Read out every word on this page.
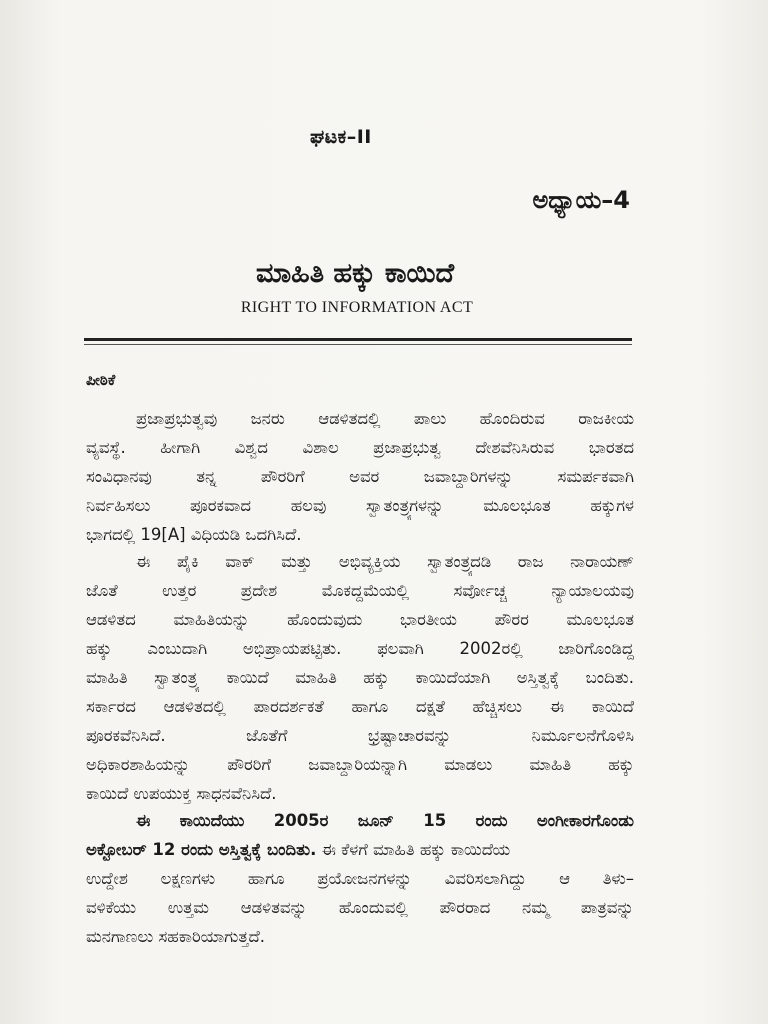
ಘಟಕ–II
ಅಧ್ಯಾಯ–4
ಮಾಹಿತಿ ಹಕ್ಕು ಕಾಯಿದೆ
RIGHT TO INFORMATION ACT
ಪೀಠಿಕೆ
ಪ್ರಜಾಪ್ರಭುತ್ವವು ಜನರು ಆಡಳಿತದಲ್ಲಿ ಪಾಲು ಹೊಂದಿರುವ ರಾಜಕೀಯ
ವ್ಯವಸ್ಥೆ. ಹೀಗಾಗಿ ವಿಶ್ವದ ವಿಶಾಲ ಪ್ರಜಾಪ್ರಭುತ್ವ ದೇಶವೆನಿಸಿರುವ ಭಾರತದ
ಸಂವಿಧಾನವು ತನ್ನ ಪೌರರಿಗೆ ಅವರ ಜವಾಬ್ದಾರಿಗಳನ್ನು ಸಮರ್ಪಕವಾಗಿ
ನಿರ್ವಹಿಸಲು ಪೂರಕವಾದ ಹಲವು ಸ್ವಾತಂತ್ರ್ಯಗಳನ್ನು ಮೂಲಭೂತ ಹಕ್ಕುಗಳ
ಭಾಗದಲ್ಲಿ 19[A] ವಿಧಿಯಡಿ ಒದಗಿಸಿದೆ.
ಈ ಪೈಕಿ ವಾಕ್ ಮತ್ತು ಅಭಿವ್ಯಕ್ತಿಯ ಸ್ವಾತಂತ್ರ್ಯದಡಿ ರಾಜ ನಾರಾಯಣ್
ಜೊತೆ ಉತ್ತರ ಪ್ರದೇಶ ಮೊಕದ್ದಮೆಯಲ್ಲಿ ಸರ್ವೋಚ್ಚ ನ್ಯಾಯಾಲಯವು
ಆಡಳಿತದ ಮಾಹಿತಿಯನ್ನು ಹೊಂದುವುದು ಭಾರತೀಯ ಪೌರರ ಮೂಲಭೂತ
ಹಕ್ಕು ಎಂಬುದಾಗಿ ಅಭಿಪ್ರಾಯಪಟ್ಟಿತು. ಫಲವಾಗಿ 2002ರಲ್ಲಿ ಜಾರಿಗೊಂಡಿದ್ದ
ಮಾಹಿತಿ ಸ್ವಾತಂತ್ರ್ಯ ಕಾಯಿದೆ ಮಾಹಿತಿ ಹಕ್ಕು ಕಾಯಿದೆಯಾಗಿ ಅಸ್ತಿತ್ವಕ್ಕೆ ಬಂದಿತು.
ಸರ್ಕಾರದ ಆಡಳಿತದಲ್ಲಿ ಪಾರದರ್ಶಕತೆ ಹಾಗೂ ದಕ್ಷತೆ ಹೆಚ್ಚಿಸಲು ಈ ಕಾಯಿದೆ
ಪೂರಕವೆನಿಸಿದೆ. ಜೊತೆಗೆ ಭ್ರಷ್ಟಾಚಾರವನ್ನು ನಿರ್ಮೂಲನೆಗೊಳಿಸಿ
ಅಧಿಕಾರಶಾಹಿಯನ್ನು ಪೌರರಿಗೆ ಜವಾಬ್ದಾರಿಯನ್ನಾಗಿ ಮಾಡಲು ಮಾಹಿತಿ ಹಕ್ಕು
ಕಾಯಿದೆ ಉಪಯುಕ್ತ ಸಾಧನವೆನಿಸಿದೆ.
ಈ ಕಾಯಿದೆಯು 2005ರ ಜೂನ್ 15 ರಂದು ಅಂಗೀಕಾರಗೊಂಡು
ಅಕ್ಟೋಬರ್ 12 ರಂದು ಅಸ್ತಿತ್ವಕ್ಕೆ ಬಂದಿತು. ಈ ಕೆಳಗೆ ಮಾಹಿತಿ ಹಕ್ಕು ಕಾಯಿದೆಯ
ಉದ್ದೇಶ ಲಕ್ಷಣಗಳು ಹಾಗೂ ಪ್ರಯೋಜನಗಳನ್ನು ವಿವರಿಸಲಾಗಿದ್ದು ಆ ತಿಳು–
ವಳಿಕೆಯು ಉತ್ತಮ ಆಡಳಿತವನ್ನು ಹೊಂದುವಲ್ಲಿ ಪೌರರಾದ ನಮ್ಮ ಪಾತ್ರವನ್ನು
ಮನಗಾಣಲು ಸಹಕಾರಿಯಾಗುತ್ತದೆ.
